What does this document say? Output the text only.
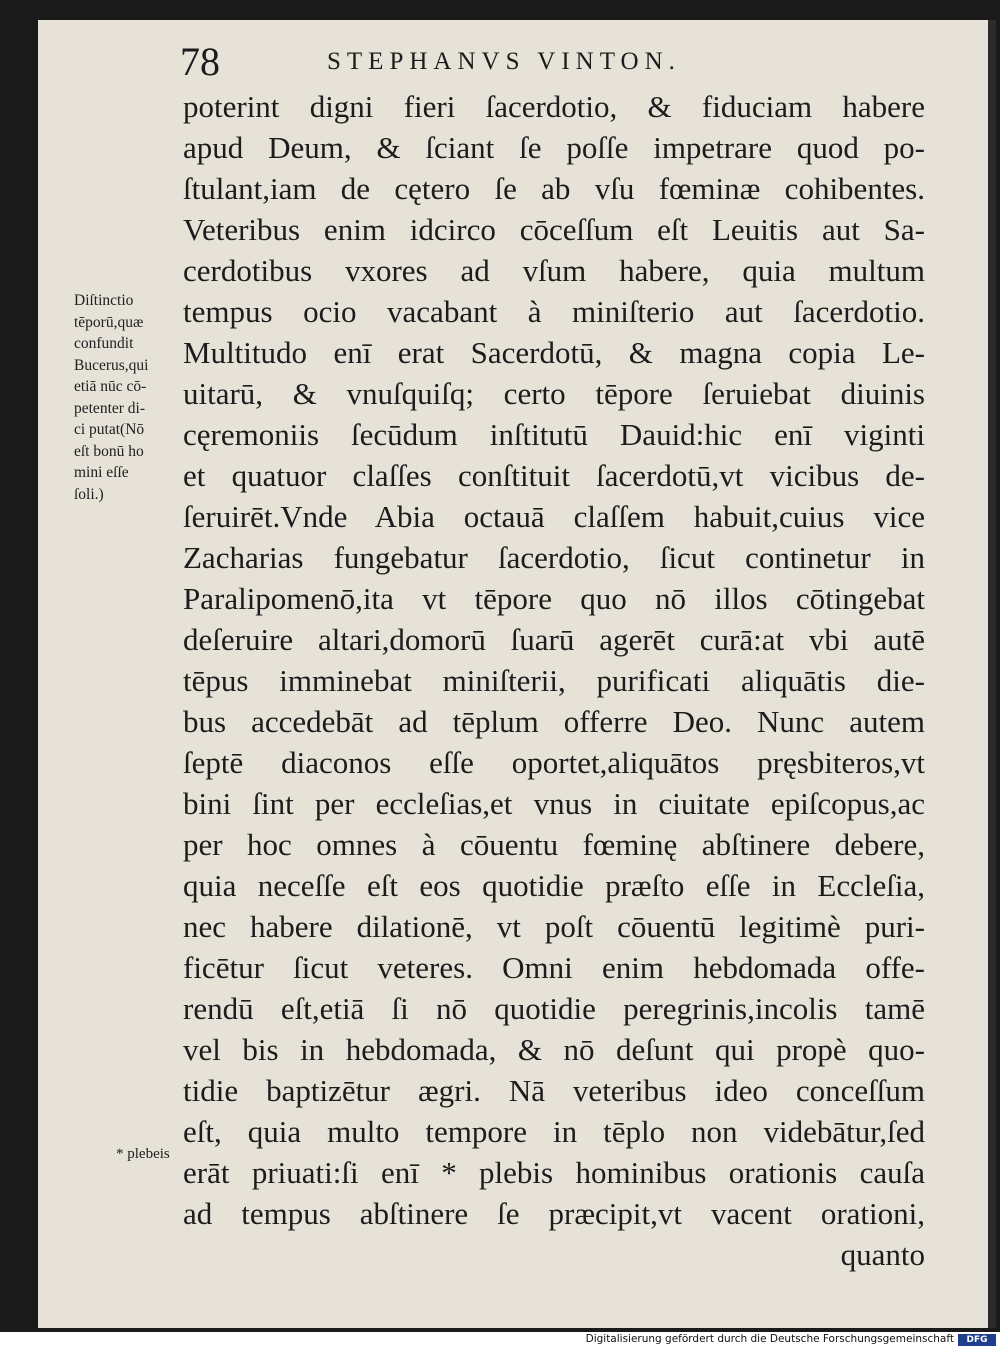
78	STEPHANVS VINTON.
Diſtinctio
tēporū,quæ
confundit
Bucerus,qui
etiā nūc cō-
petenter di-
ci putat(Nō
eſt bonū ho
mini eſſe
ſoli.)
* plebeis
poterint digni fieri ſacerdotio, & fiduciam habere
apud Deum, & ſciant ſe poſſe impetrare quod po-
ſtulant,iam de cętero ſe ab vſu fœminæ cohibentes.
Veteribus enim idcirco cōceſſum eſt Leuitis aut Sa-
cerdotibus vxores ad vſum habere, quia multum
tempus ocio vacabant à miniſterio aut ſacerdotio.
Multitudo enī erat Sacerdotū, & magna copia Le-
uitarū, & vnuſquiſq; certo tēpore ſeruiebat diuinis
cęremoniis ſecūdum inſtitutū Dauid:hic enī viginti
et quatuor claſſes conſtituit ſacerdotū,vt vicibus de-
ſeruirēt.Vnde Abia octauā claſſem habuit,cuius vice
Zacharias fungebatur ſacerdotio, ſicut continetur in
Paralipomenō,ita vt tēpore quo nō illos cōtingebat
deſeruire altari,domorū ſuarū agerēt curā:at vbi autē
tēpus imminebat miniſterii, purificati aliquātis die-
bus accedebāt ad tēplum offerre Deo. Nunc autem
ſeptē diaconos eſſe oportet,aliquātos pręsbiteros,vt
bini ſint per eccleſias,et vnus in ciuitate epiſcopus,ac
per hoc omnes à cōuentu fœminę abſtinere debere,
quia neceſſe eſt eos quotidie præſto eſſe in Eccleſia,
nec habere dilationē, vt poſt cōuentū legitimè puri-
ficētur ſicut veteres. Omni enim hebdomada offe-
rendū eſt,etiā ſi nō quotidie peregrinis,incolis tamē
vel bis in hebdomada, & nō deſunt qui propè quo-
tidie baptizētur ægri. Nā veteribus ideo conceſſum
eſt, quia multo tempore in tēplo non videbātur,ſed
erāt priuati:ſi enī * plebis hominibus orationis cauſa
ad tempus abſtinere ſe præcipit,vt vacent orationi,
quanto
Digitalisierung gefördert durch die Deutsche Forschungsgemeinschaft	DFG
